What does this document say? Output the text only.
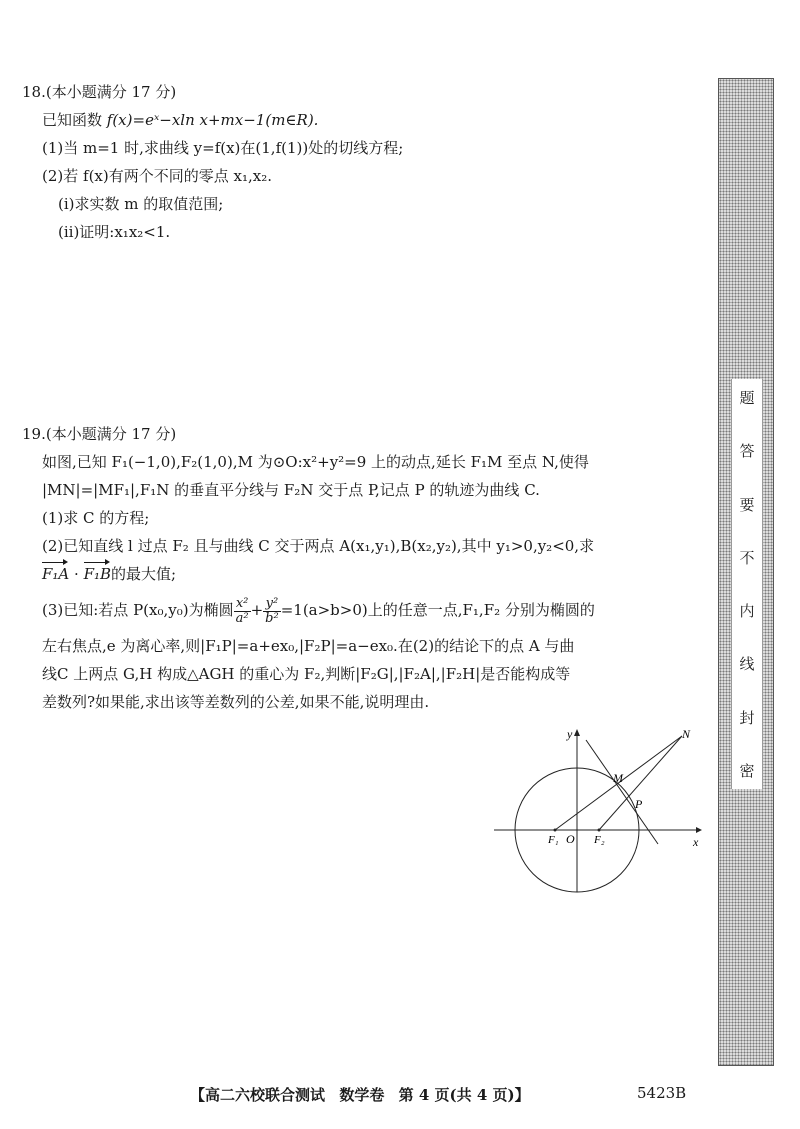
18.(本小题满分 17 分)
已知函数 f(x)=eˣ−xln x+mx−1(m∈R).
(1)当 m=1 时,求曲线 y=f(x)在(1,f(1))处的切线方程;
(2)若 f(x)有两个不同的零点 x₁,x₂.
(ⅰ)求实数 m 的取值范围;
(ⅱ)证明:x₁x₂<1.
19.(本小题满分 17 分)
如图,已知 F₁(−1,0),F₂(1,0),M 为⊙O:x²+y²=9 上的动点,延长 F₁M 至点 N,使得
|MN|=|MF₁|,F₁N 的垂直平分线与 F₂N 交于点 P,记点 P 的轨迹为曲线 C.
(1)求 C 的方程;
(2)已知直线 l 过点 F₂ 且与曲线 C 交于两点 A(x₁,y₁),B(x₂,y₂),其中 y₁>0,y₂<0,求
F₁A · F₁B的最大值;
(3)已知:若点 P(x₀,y₀)为椭圆 $\frac{\text{x²}}{\text{a²}} + \frac{\text{y²}}{\text{b²}} =1(a>b>0)$上的任意一点,F₁,F₂ 分别为椭圆的
左右焦点,e 为离心率,则|F₁P|=a+ex₀,|F₂P|=a−ex₀.在(2)的结论下的点 A 与曲
线C 上两点 G,H 构成△AGH 的重心为 F₂,判断|F₂G|,|F₂A|,|F₂H|是否能构成等
差数列?如果能,求出该等差数列的公差,如果不能,说明理由.
y
x
M
N
P
O
F₁	F₂
题
答
要
不
内
线
封
密
【高二六校联合测试 数学卷 第 4 页(共 4 页)】	5423B
